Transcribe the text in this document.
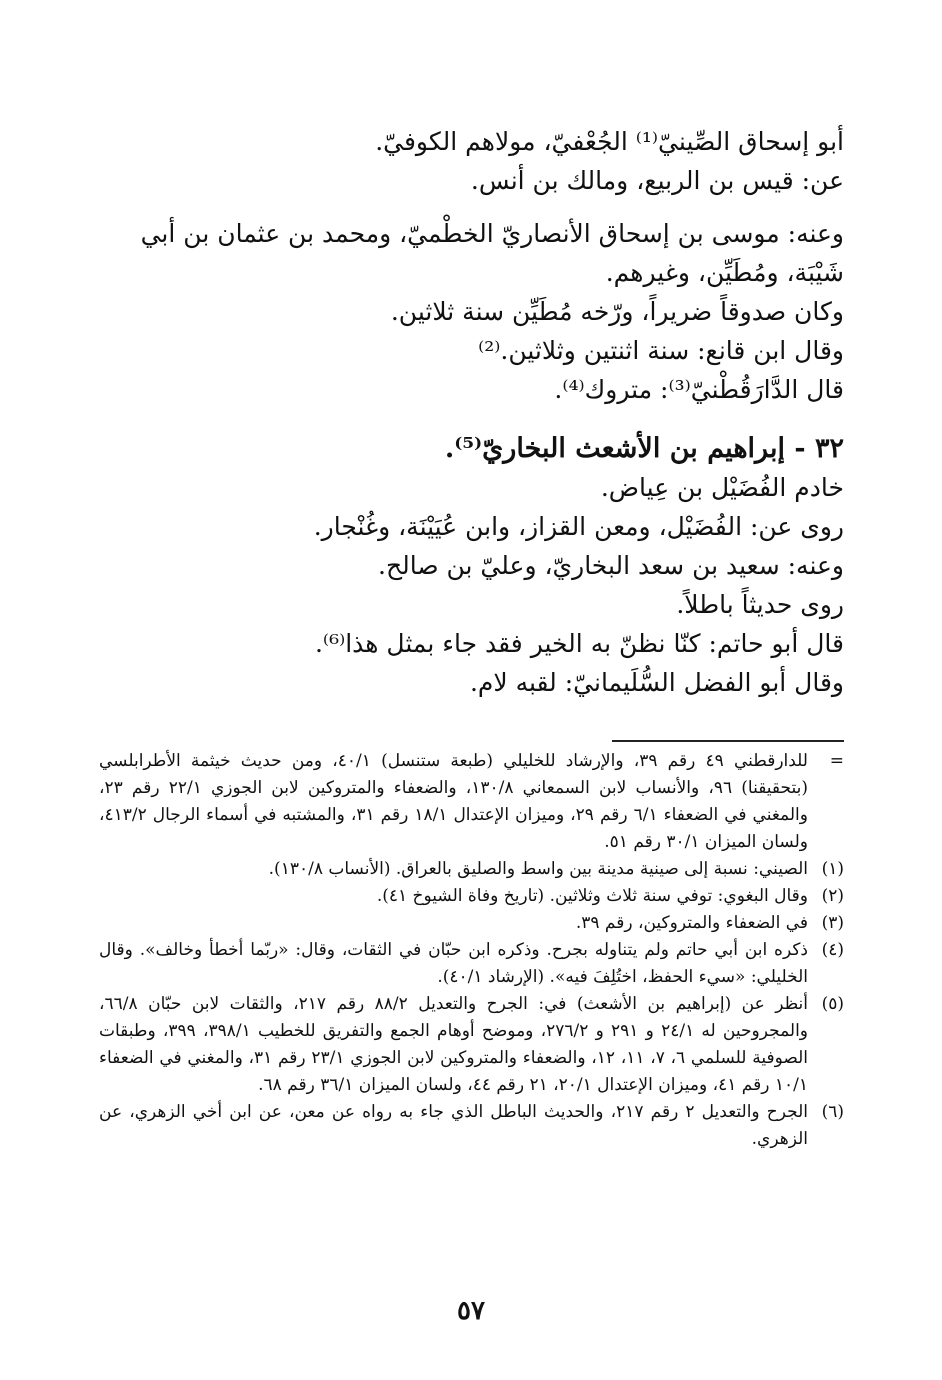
أبو إسحاق الصِّينيّ⁽¹⁾ الجُعْفيّ، مولاهم الكوفيّ.
عن: قيس بن الربيع، ومالك بن أنس.
وعنه: موسى بن إسحاق الأنصاريّ الخطْميّ، ومحمد بن عثمان بن أبي
شَيْبَة، ومُطَيِّن، وغيرهم.
وكان صدوقاً ضريراً، ورّخه مُطَيِّن سنة ثلاثين.
وقال ابن قانع: سنة اثنتين وثلاثين.⁽²⁾
قال الدَّارَقُطْنيّ⁽³⁾: متروك⁽⁴⁾.
٣٢ - إبراهيم بن الأشعث البخاريّ⁽⁵⁾.
خادم الفُضَيْل بن عِياض.
روى عن: الفُضَيْل، ومعن القزاز، وابن عُيَيْنَة، وغُنْجار.
وعنه: سعيد بن سعد البخاريّ، وعليّ بن صالح.
روى حديثاً باطلاً.
قال أبو حاتم: كنّا نظنّ به الخير فقد جاء بمثل هذا⁽⁶⁾.
وقال أبو الفضل السُّلَيمانيّ: لقبه لام.
=
للدارقطني ٤٩ رقم ٣٩، والإرشاد للخليلي (طبعة ستنسل) ٤٠/١، ومن حديث خيثمة الأطرابلسي (بتحقيقنا) ٩٦، والأنساب لابن السمعاني ١٣٠/٨، والضعفاء والمتروكين لابن الجوزي ٢٢/١ رقم ٢٣، والمغني في الضعفاء ٦/١ رقم ٢٩، وميزان الإعتدال ١٨/١ رقم ٣١، والمشتبه في أسماء الرجال ٤١٣/٢، ولسان الميزان ٣٠/١ رقم ٥١.
(١)
الصيني: نسبة إلى صينية مدينة بين واسط والصليق بالعراق. (الأنساب ١٣٠/٨).
(٢)
وقال البغوي: توفي سنة ثلاث وثلاثين. (تاريخ وفاة الشيوخ ٤١).
(٣)
في الضعفاء والمتروكين، رقم ٣٩.
(٤)
ذكره ابن أبي حاتم ولم يتناوله بجرح. وذكره ابن حبّان في الثقات، وقال: «ربّما أخطأ وخالف». وقال الخليلي: «سيء الحفظ، اختُلِفَ فيه». (الإرشاد ٤٠/١).
(٥)
أنظر عن (إبراهيم بن الأشعث) في: الجرح والتعديل ٨٨/٢ رقم ٢١٧، والثقات لابن حبّان ٦٦/٨، والمجروحين له ٢٤/١ و ٢٩١ و ٢٧٦/٢، وموضح أوهام الجمع والتفريق للخطيب ٣٩٨/١، ٣٩٩، وطبقات الصوفية للسلمي ٦، ٧، ١١، ١٢، والضعفاء والمتروكين لابن الجوزي ٢٣/١ رقم ٣١، والمغني في الضعفاء ١٠/١ رقم ٤١، وميزان الإعتدال ٢٠/١، ٢١ رقم ٤٤، ولسان الميزان ٣٦/١ رقم ٦٨.
(٦)
الجرح والتعديل ٢ رقم ٢١٧، والحديث الباطل الذي جاء به رواه عن معن، عن ابن أخي الزهري، عن الزهري.
٥٧
